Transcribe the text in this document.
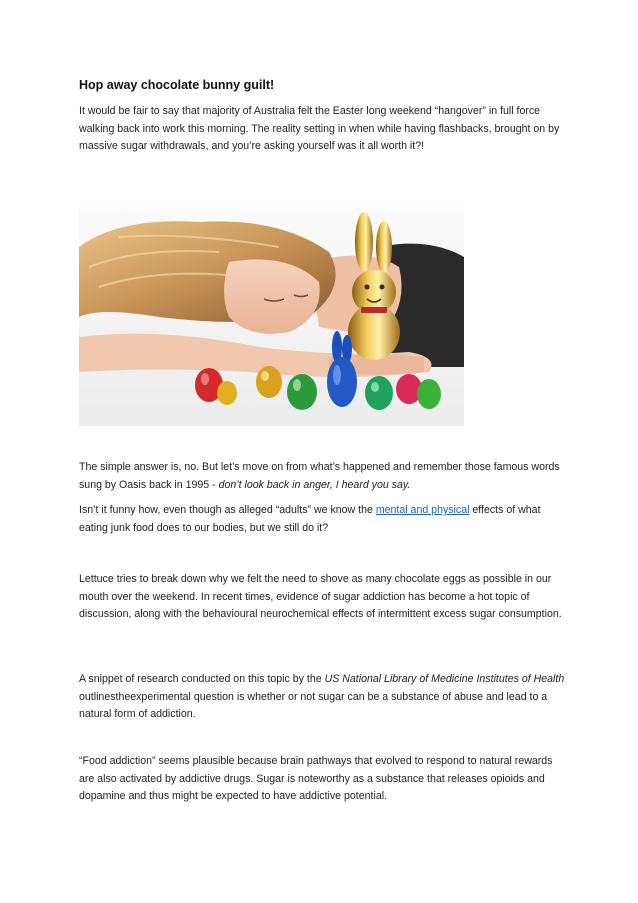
Hop away chocolate bunny guilt!

It would be fair to say that majority of Australia felt the Easter long weekend “hangover” in full force walking back into work this morning. The reality setting in when while having flashbacks, brought on by massive sugar withdrawals, and you’re asking yourself was it all worth it?!

The simple answer is, no. But let’s move on from what’s happened and remember those famous words sung by Oasis back in 1995 - don’t look back in anger, I heard you say.

Isn’t it funny how, even though as alleged “adults” we know the mental and physical effects of what eating junk food does to our bodies, but we still do it?

Lettuce tries to break down why we felt the need to shove as many chocolate eggs as possible in our mouth over the weekend. In recent times, evidence of sugar addiction has become a hot topic of discussion, along with the behavioural neurochemical effects of intermittent excess sugar consumption.

A snippet of research conducted on this topic by the US National Library of Medicine Institutes of Health outlinestheexperimental question is whether or not sugar can be a substance of abuse and lead to a natural form of addiction.

“Food addiction” seems plausible because brain pathways that evolved to respond to natural rewards are also activated by addictive drugs. Sugar is noteworthy as a substance that releases opioids and dopamine and thus might be expected to have addictive potential.
